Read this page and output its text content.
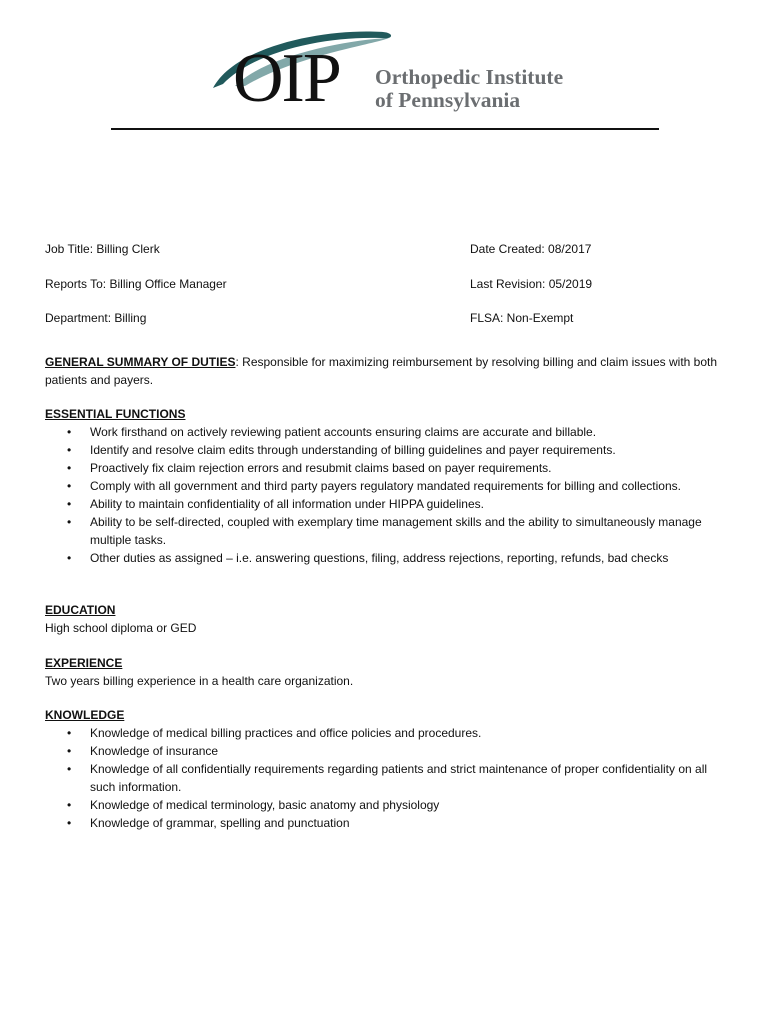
OIP Orthopedic Institute
of Pennsylvania
Job Title: Billing Clerk	Date Created: 08/2017
Reports To: Billing Office Manager	Last Revision: 05/2019
Department: Billing	FLSA: Non-Exempt
GENERAL SUMMARY OF DUTIES: Responsible for maximizing reimbursement by resolving billing and claim issues with both patients and payers.
ESSENTIAL FUNCTIONS
• Work firsthand on actively reviewing patient accounts ensuring claims are accurate and billable.
• Identify and resolve claim edits through understanding of billing guidelines and payer requirements.
• Proactively fix claim rejection errors and resubmit claims based on payer requirements.
• Comply with all government and third party payers regulatory mandated requirements for billing and collections.
• Ability to maintain confidentiality of all information under HIPPA guidelines.
• Ability to be self-directed, coupled with exemplary time management skills and the ability to simultaneously manage multiple tasks.
• Other duties as assigned – i.e. answering questions, filing, address rejections, reporting, refunds, bad checks
EDUCATION
High school diploma or GED
EXPERIENCE
Two years billing experience in a health care organization.
KNOWLEDGE
• Knowledge of medical billing practices and office policies and procedures.
• Knowledge of insurance
• Knowledge of all confidentially requirements regarding patients and strict maintenance of proper confidentiality on all such information.
• Knowledge of medical terminology, basic anatomy and physiology
• Knowledge of grammar, spelling and punctuation
